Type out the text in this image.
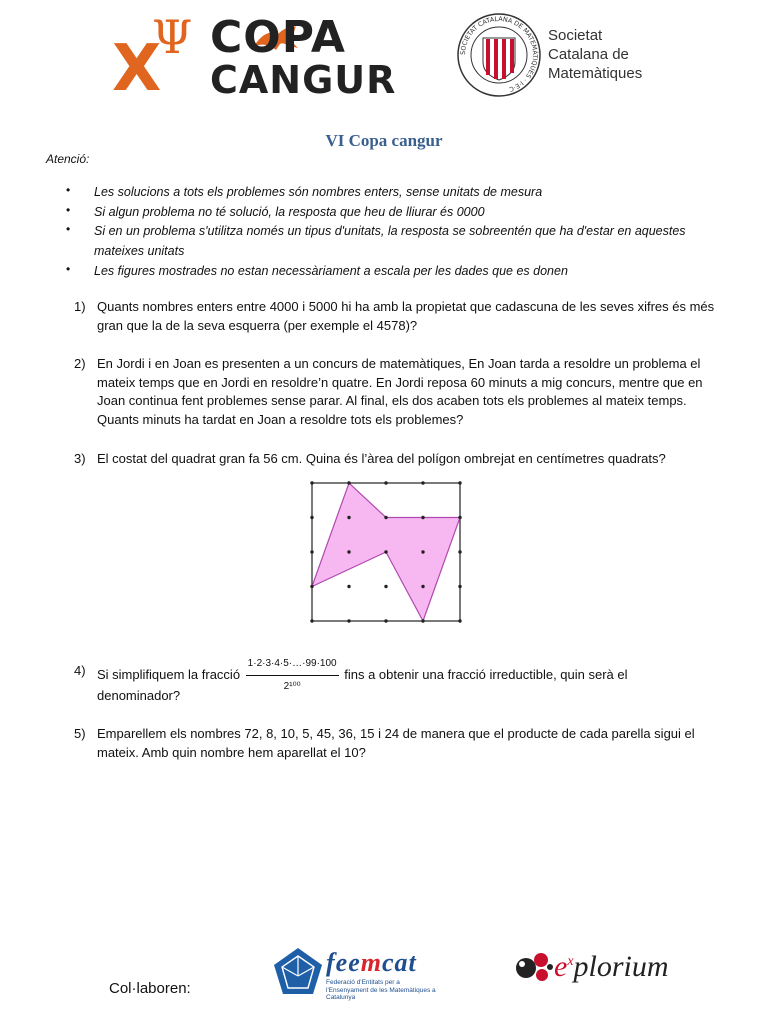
X
Ψ COPA
CANGUR
SOCIETAT CATALANA DE MATEMÀTIQUES · I·E·C
Societat
Catalana de
Matemàtiques
VI Copa cangur
Atenció:
• Les solucions a tots els problemes són nombres enters, sense unitats de mesura
• Si algun problema no té solució, la resposta que heu de lliurar és 0000
• Si en un problema s'utilitza només un tipus d'unitats, la resposta se sobreentén que ha d'estar en aquestes mateixes unitats
• Les figures mostrades no estan necessàriament a escala per les dades que es donen
1) Quants nombres enters entre 4000 i 5000 hi ha amb la propietat que cadascuna de les seves xifres és més gran que la de la seva esquerra (per exemple el 4578)?
2) En Jordi i en Joan es presenten a un concurs de matemàtiques, En Joan tarda a resoldre un problema el mateix temps que en Jordi en resoldre’n quatre. En Jordi reposa 60 minuts a mig concurs, mentre que en Joan continua fent problemes sense parar. Al final, els dos acaben tots els problemes al mateix temps. Quants minuts ha tardat en Joan a resoldre tots els problemes?
3) El costat del quadrat gran fa 56 cm. Quina és l’àrea del polígon ombrejat en centímetres quadrats?
4) Si simplifiquem la fracció $\frac{1\cdot 2\cdot 3\cdot 4\cdot 5\cdot\dots\cdot 99\cdot 100}{\text{2¹⁰⁰}}$ fins a obtenir una fracció irreductible, quin serà el
denominador?
5) Emparellem els nombres 72, 8, 10, 5, 45, 36, 15 i 24 de manera que el producte de cada parella sigui el mateix. Amb quin nombre hem aparellat el 10?
Col·laboren:
feemcat
Federació d'Entitats per a l'Ensenyament de les Matemàtiques a Catalunya
$e^xplorium$
